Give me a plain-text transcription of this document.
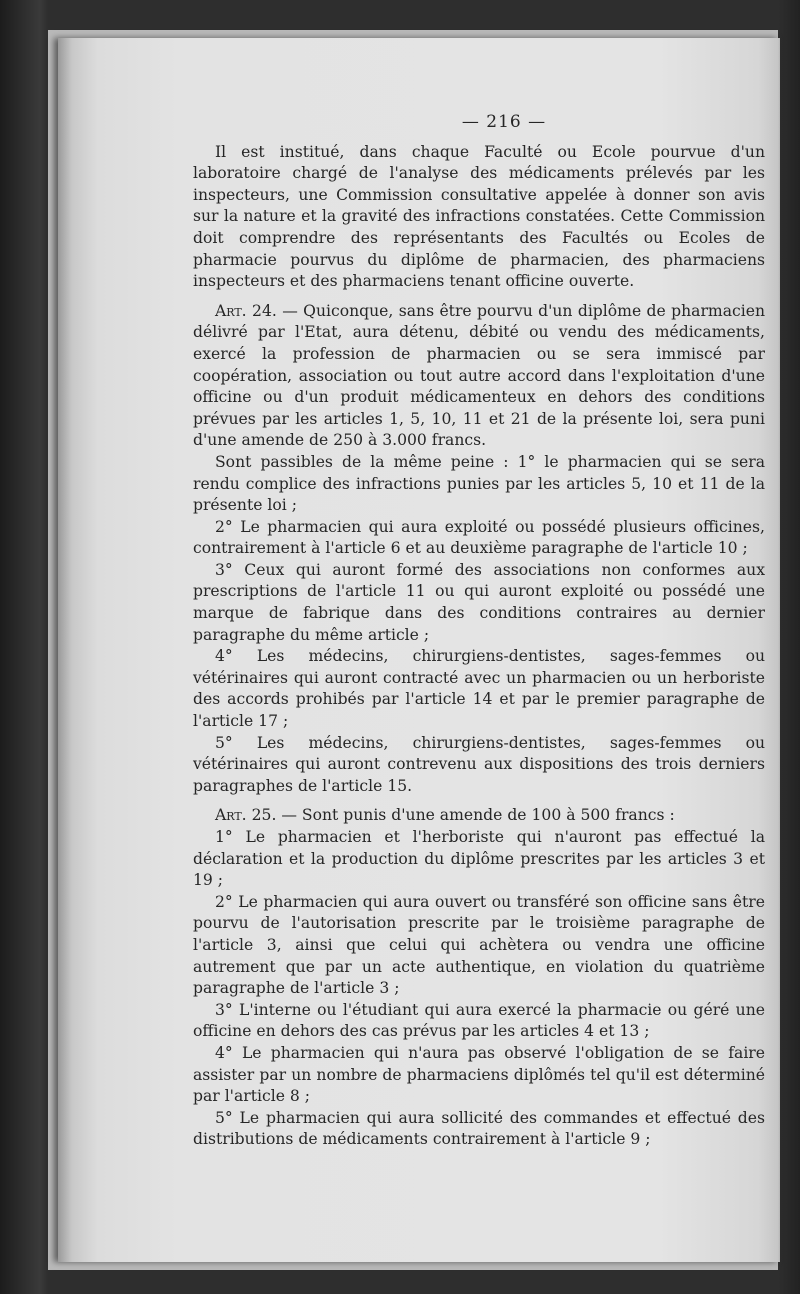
— 216 —

Il est institué, dans chaque Faculté ou Ecole pourvue d'un laboratoire chargé de l'analyse des médicaments prélevés par les inspecteurs, une Commission consultative appelée à donner son avis sur la nature et la gravité des infractions constatées. Cette Commission doit comprendre des représentants des Facultés ou Ecoles de pharmacie pourvus du diplôme de pharmacien, des pharmaciens inspecteurs et des pharmaciens tenant officine ouverte.

Art. 24. — Quiconque, sans être pourvu d'un diplôme de pharmacien délivré par l'Etat, aura détenu, débité ou vendu des médicaments, exercé la profession de pharmacien ou se sera immiscé par coopération, association ou tout autre accord dans l'exploitation d'une officine ou d'un produit médicamenteux en dehors des conditions prévues par les articles 1, 5, 10, 11 et 21 de la présente loi, sera puni d'une amende de 250 à 3.000 francs.

Sont passibles de la même peine : 1° le pharmacien qui se sera rendu complice des infractions punies par les articles 5, 10 et 11 de la présente loi ;

2° Le pharmacien qui aura exploité ou possédé plusieurs officines, contrairement à l'article 6 et au deuxième paragraphe de l'article 10 ;

3° Ceux qui auront formé des associations non conformes aux prescriptions de l'article 11 ou qui auront exploité ou possédé une marque de fabrique dans des conditions contraires au dernier paragraphe du même article ;

4° Les médecins, chirurgiens-dentistes, sages-femmes ou vétérinaires qui auront contracté avec un pharmacien ou un herboriste des accords prohibés par l'article 14 et par le premier paragraphe de l'article 17 ;

5° Les médecins, chirurgiens-dentistes, sages-femmes ou vétérinaires qui auront contrevenu aux dispositions des trois derniers paragraphes de l'article 15.

Art. 25. — Sont punis d'une amende de 100 à 500 francs :

1° Le pharmacien et l'herboriste qui n'auront pas effectué la déclaration et la production du diplôme prescrites par les articles 3 et 19 ;

2° Le pharmacien qui aura ouvert ou transféré son officine sans être pourvu de l'autorisation prescrite par le troisième paragraphe de l'article 3, ainsi que celui qui achètera ou vendra une officine autrement que par un acte authentique, en violation du quatrième paragraphe de l'article 3 ;

3° L'interne ou l'étudiant qui aura exercé la pharmacie ou géré une officine en dehors des cas prévus par les articles 4 et 13 ;

4° Le pharmacien qui n'aura pas observé l'obligation de se faire assister par un nombre de pharmaciens diplômés tel qu'il est déterminé par l'article 8 ;

5° Le pharmacien qui aura sollicité des commandes et effectué des distributions de médicaments contrairement à l'article 9 ;
